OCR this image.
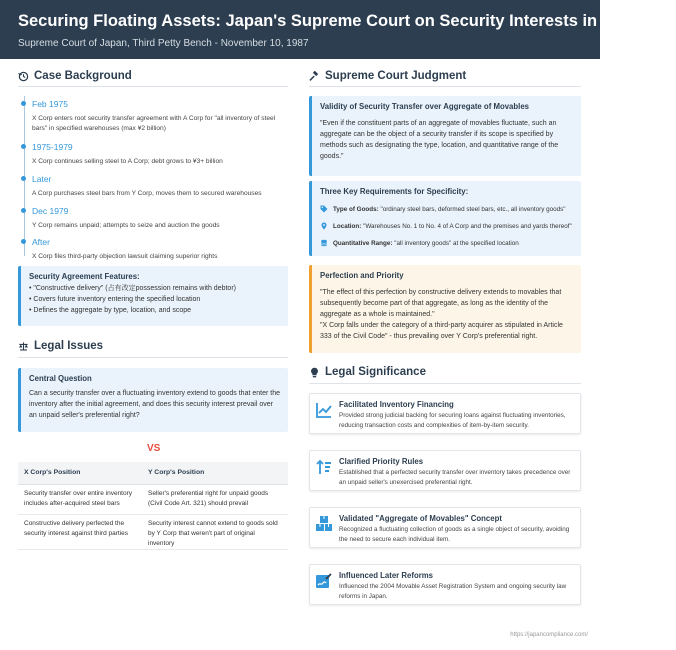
Securing Floating Assets: Japan's Supreme Court on Security Interests in Inventory
Supreme Court of Japan, Third Petty Bench - November 10, 1987
Case Background
Feb 1975
X Corp enters root security transfer agreement with A Corp for "all inventory of steel bars" in specified warehouses (max ¥2 billion)
1975-1979
X Corp continues selling steel to A Corp; debt grows to ¥3+ billion
Later
A Corp purchases steel bars from Y Corp, moves them to secured warehouses
Dec 1979
Y Corp remains unpaid; attempts to seize and auction the goods
After
X Corp files third-party objection lawsuit claiming superior rights
Security Agreement Features:
• "Constructive delivery" (占有改定possession remains with debtor)
• Covers future inventory entering the specified location
• Defines the aggregate by type, location, and scope
Legal Issues
Central Question
Can a security transfer over a fluctuating inventory extend to goods that enter the inventory after the initial agreement, and does this security interest prevail over an unpaid seller's preferential right?
VS
X Corp's Position	Y Corp's Position
Security transfer over entire inventory includes after-acquired steel bars	Seller's preferential right for unpaid goods (Civil Code Art. 321) should prevail
Constructive delivery perfected the security interest against third parties	Security interest cannot extend to goods sold by Y Corp that weren't part of original inventory
Supreme Court Judgment
Validity of Security Transfer over Aggregate of Movables
"Even if the constituent parts of an aggregate of movables fluctuate, such an aggregate can be the object of a security transfer if its scope is specified by methods such as designating the type, location, and quantitative range of the goods."
Three Key Requirements for Specificity:
Type of Goods: "ordinary steel bars, deformed steel bars, etc., all inventory goods"
Location: "Warehouses No. 1 to No. 4 of A Corp and the premises and yards thereof"
Quantitative Range: "all inventory goods" at the specified location
Perfection and Priority
"The effect of this perfection by constructive delivery extends to movables that subsequently become part of that aggregate, as long as the identity of the aggregate as a whole is maintained."
"X Corp falls under the category of a third-party acquirer as stipulated in Article 333 of the Civil Code" - thus prevailing over Y Corp's preferential right.
Legal Significance
Facilitated Inventory Financing
Provided strong judicial backing for securing loans against fluctuating inventories, reducing transaction costs and complexities of item-by-item security.
Clarified Priority Rules
Established that a perfected security transfer over inventory takes precedence over an unpaid seller's unexercised preferential right.
Validated "Aggregate of Movables" Concept
Recognized a fluctuating collection of goods as a single object of security, avoiding the need to secure each individual item.
Influenced Later Reforms
Influenced the 2004 Movable Asset Registration System and ongoing security law reforms in Japan.
https://japancompliance.com/
